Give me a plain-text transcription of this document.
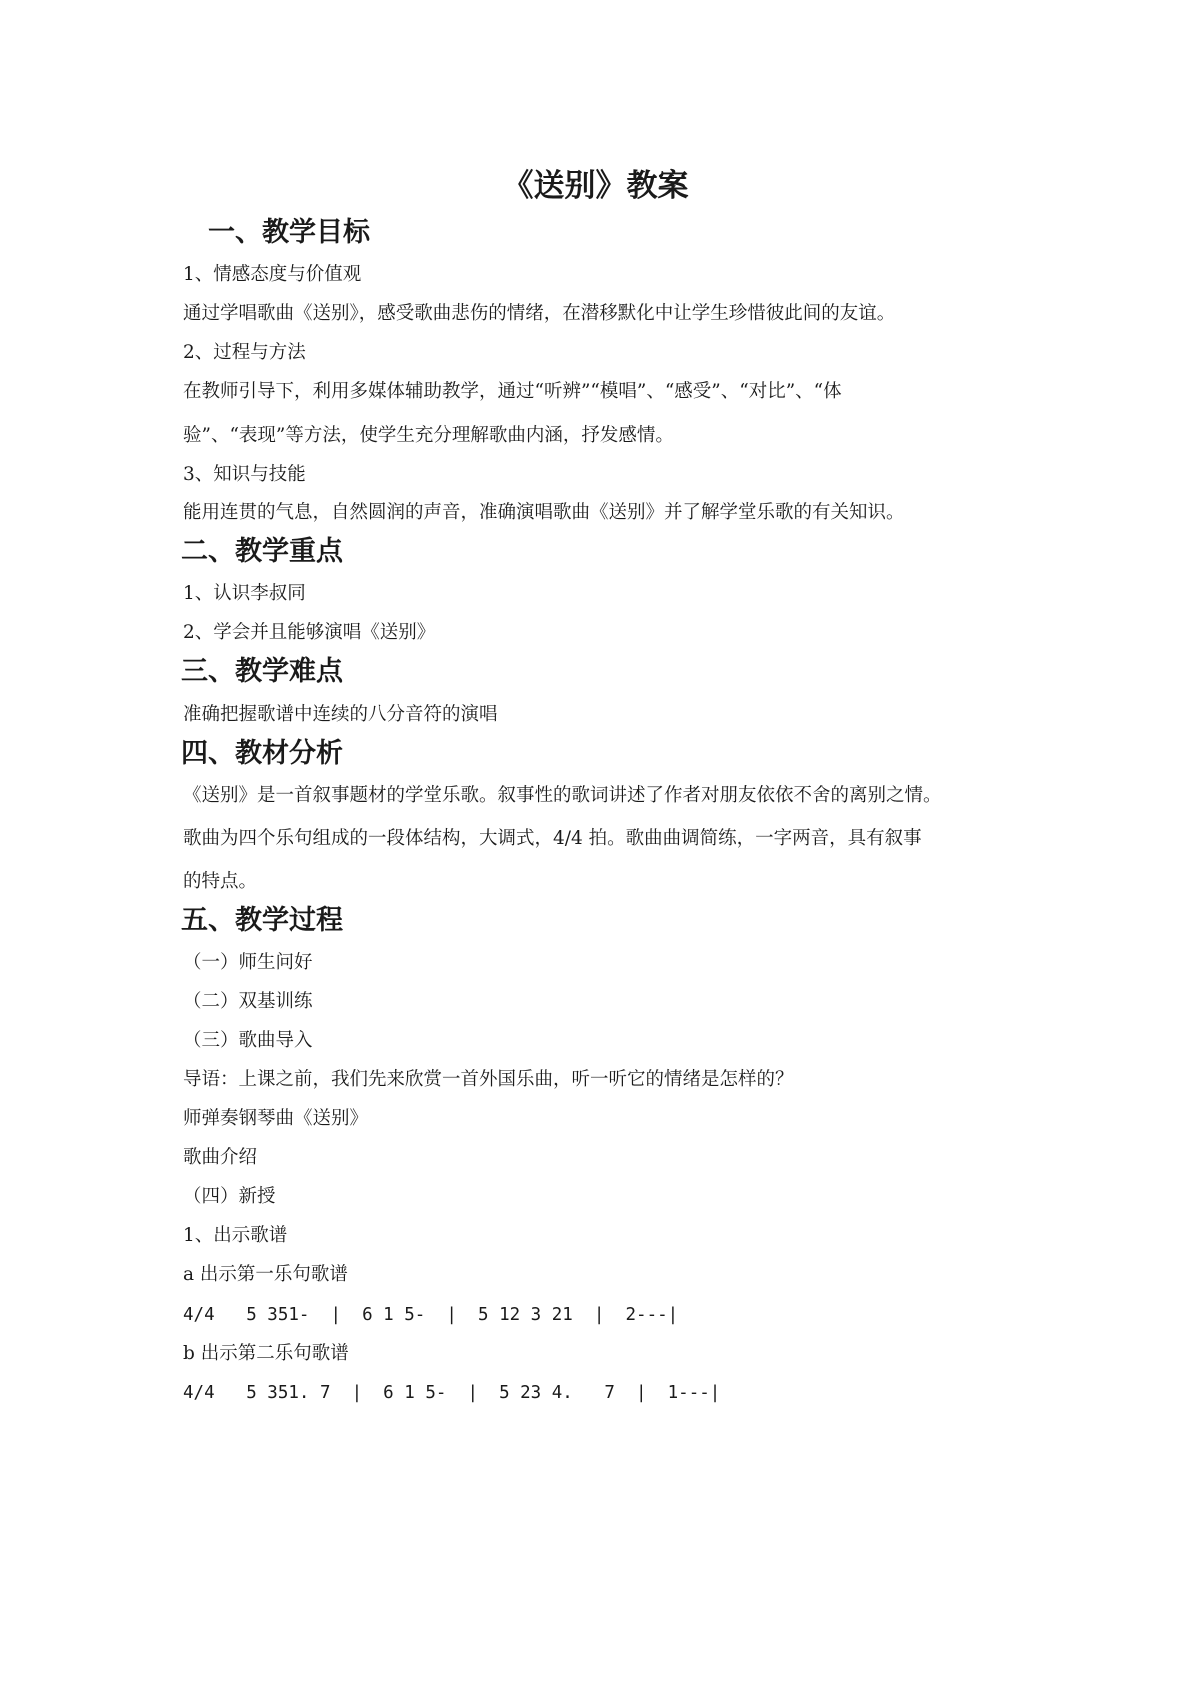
《送别》教案
一、教学目标
1、情感态度与价值观
通过学唱歌曲《送别》，感受歌曲悲伤的情绪，在潜移默化中让学生珍惜彼此间的友谊。
2、过程与方法
在教师引导下，利用多媒体辅助教学，通过“听辨”“模唱”、“感受”、“对比”、“体
验”、“表现”等方法，使学生充分理解歌曲内涵，抒发感情。
3、知识与技能
能用连贯的气息，自然圆润的声音，准确演唱歌曲《送别》并了解学堂乐歌的有关知识。
二、教学重点
1、认识李叔同
2、学会并且能够演唱《送别》
三、教学难点
准确把握歌谱中连续的八分音符的演唱
四、教材分析
《送别》是一首叙事题材的学堂乐歌。叙事性的歌词讲述了作者对朋友依依不舍的离别之情。
歌曲为四个乐句组成的一段体结构，大调式，4/4 拍。歌曲曲调简练，一字两音，具有叙事
的特点。
五、教学过程
（一）师生问好
（二）双基训练
（三）歌曲导入
导语：上课之前，我们先来欣赏一首外国乐曲，听一听它的情绪是怎样的？
师弹奏钢琴曲《送别》
歌曲介绍
（四）新授
1、出示歌谱
a 出示第一乐句歌谱
4/4   5 351-  |  6 1 5-  |  5 12 3 21  |  2---|
b 出示第二乐句歌谱
4/4   5 351. 7  |  6 1 5-  |  5 23 4.   7  |  1---|
